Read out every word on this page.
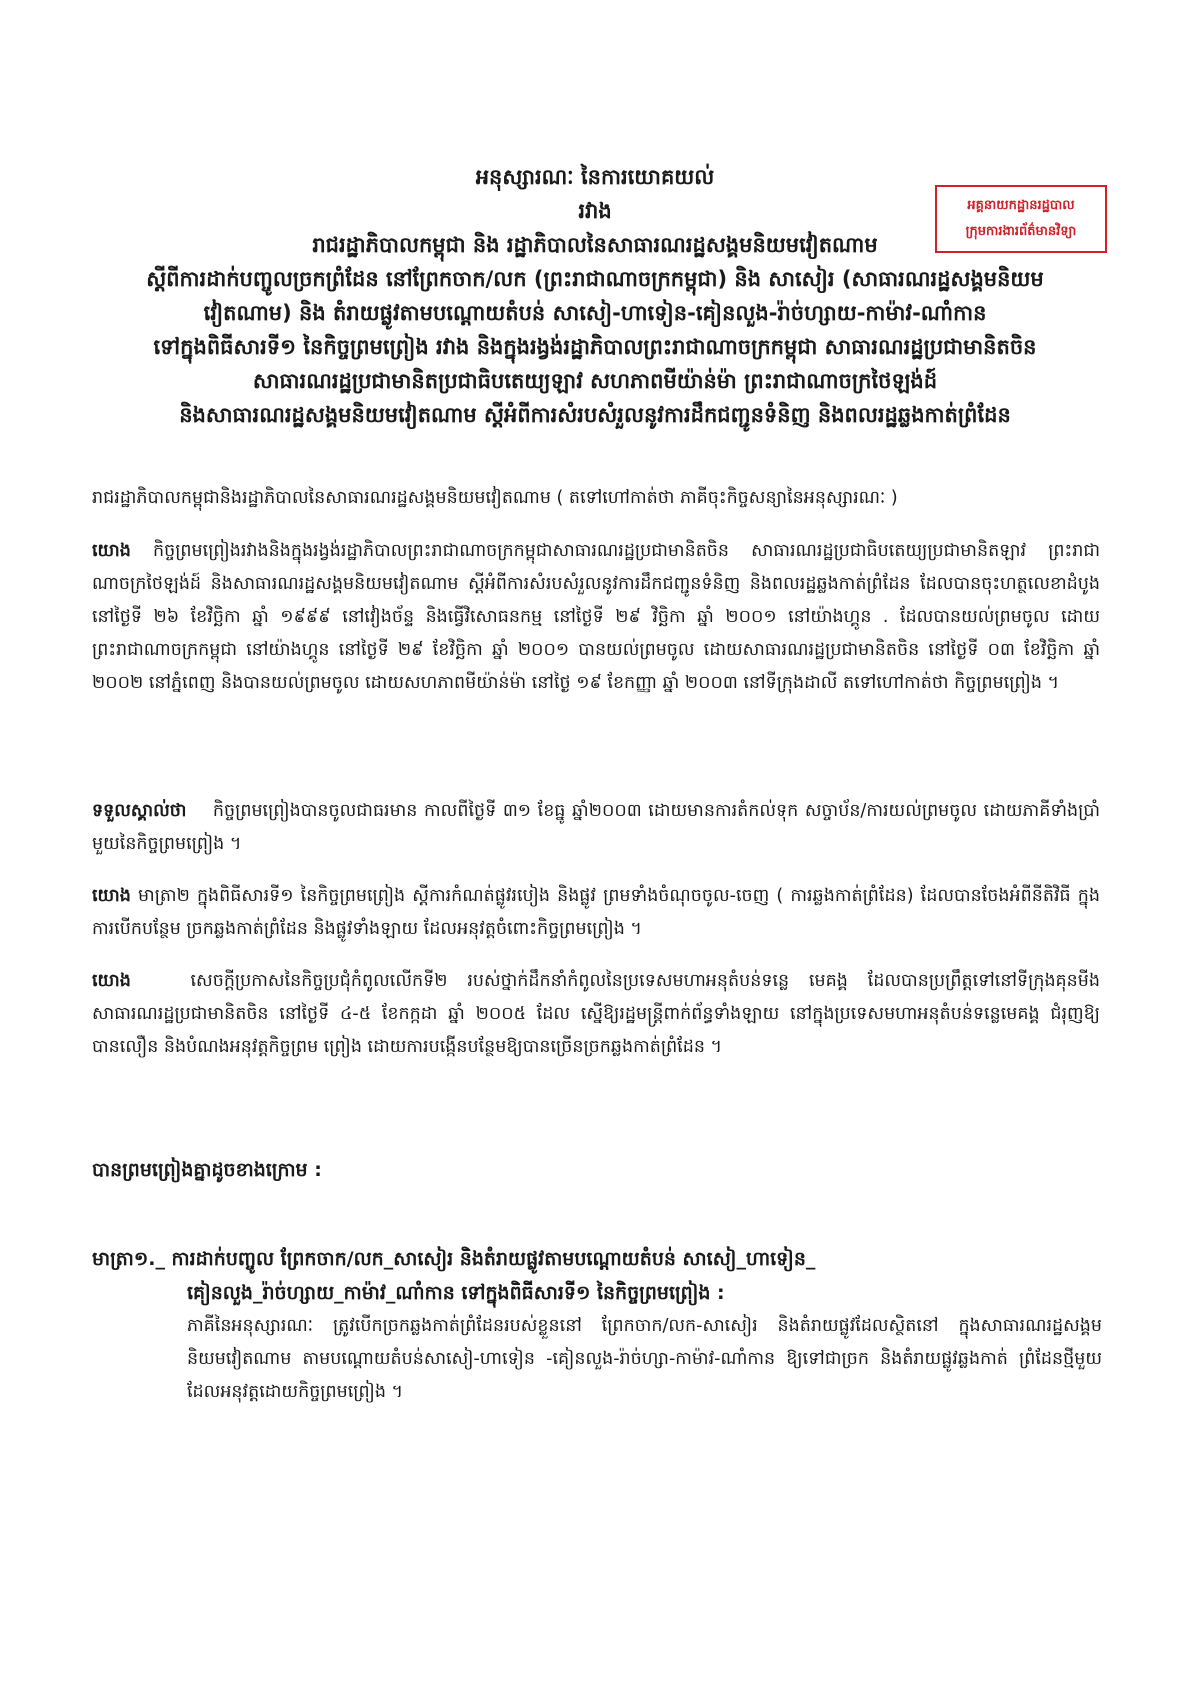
អគ្គនាយកដ្ឋានរដ្ឋបាល
ក្រុមការងារព័ត៌មានវិទ្យា
អនុស្សារណៈ នៃការយោគយល់
រវាង
រាជរដ្ឋាភិបាលកម្ពុជា និង រដ្ឋាភិបាលនៃសាធារណរដ្ឋសង្គមនិយមវៀតណាម
ស្តីពីការដាក់បញ្ចូលច្រកព្រំដែន នៅព្រែកចាក/លក (ព្រះរាជាណាចក្រកម្ពុជា) និង សាសៀរ (សាធារណរដ្ឋសង្គមនិយម
វៀតណាម) និង តំរាយផ្លូវតាមបណ្តោយតំបន់ សាសៀ-ហាទៀន-គៀនលួង-រ៉ាច់ហ្សាយ-កាម៉ាវ-ណាំកាន
ទៅក្នុងពិធីសារទី១ នៃកិច្ចព្រមព្រៀង រវាង និងក្នុងរង្វង់រដ្ឋាភិបាលព្រះរាជាណាចក្រកម្ពុជា សាធារណរដ្ឋប្រជាមានិតចិន
សាធារណរដ្ឋប្រជាមានិតប្រជាធិបតេយ្យឡាវ សហភាពមីយ៉ាន់ម៉ា ព្រះរាជាណាចក្រថៃឡង់ដ៍
និងសាធារណរដ្ឋសង្គមនិយមវៀតណាម ស្តីអំពីការសំរបសំរួលនូវការដឹកជញ្ជូនទំនិញ និងពលរដ្ឋឆ្លងកាត់ព្រំដែន
រាជរដ្ឋាភិបាលកម្ពុជានិងរដ្ឋាភិបាលនៃសាធារណរដ្ឋសង្គមនិយមវៀតណាម ( តទៅហៅកាត់ថា ភាគីចុះកិច្ចសន្យានៃអនុស្សារណៈ )
យោង កិច្ចព្រមព្រៀងរវាងនិងក្នុងរង្វង់រដ្ឋាភិបាលព្រះរាជាណាចក្រកម្ពុជាសាធារណរដ្ឋប្រជាមានិតចិន សាធារណរដ្ឋប្រជាធិបតេយ្យប្រជាមានិតឡាវ ព្រះរាជាណាចក្រថៃឡង់ដ៍ និងសាធារណរដ្ឋសង្គមនិយមវៀតណាម ស្តីអំពីការសំរបសំរួលនូវការដឹកជញ្ជូនទំនិញ និងពលរដ្ឋឆ្លងកាត់ព្រំដែន ដែលបានចុះហត្ថលេខាដំបូង នៅថ្ងៃទី ២៦ ខែវិច្ឆិកា ឆ្នាំ ១៩៩៩ នៅវៀងច័ន្ទ និងធ្វើវិសោធនកម្ម នៅថ្ងៃទី ២៩ វិច្ឆិកា ឆ្នាំ ២០០១ នៅយ៉ាងហ្គូន . ដែលបានយល់ព្រមចូល ដោយព្រះរាជាណាចក្រកម្ពុជា នៅយ៉ាងហ្គូន នៅថ្ងៃទី ២៩ ខែវិច្ឆិកា ឆ្នាំ ២០០១ បានយល់ព្រមចូល ដោយសាធារណរដ្ឋប្រជាមានិតចិន នៅថ្ងៃទី ០៣ ខែវិច្ឆិកា ឆ្នាំ ២០០២ នៅភ្នំពេញ និងបានយល់ព្រមចូល ដោយសហភាពមីយ៉ាន់ម៉ា នៅថ្ងៃ ១៩ ខែកញ្ញា ឆ្នាំ ២០០៣ នៅទីក្រុងដាលី តទៅហៅកាត់ថា កិច្ចព្រមព្រៀង ។
ទទួលស្គាល់ថា កិច្ចព្រមព្រៀងបានចូលជាធរមាន កាលពីថ្ងៃទី ៣១ ខែធ្នូ ឆ្នាំ២០០៣ ដោយមានការតំកល់ទុក សច្ចាប័ន/ការយល់ព្រមចូល ដោយភាគីទាំងប្រាំមួយនៃកិច្ចព្រមព្រៀង ។
យោង មាត្រា២ ក្នុងពិធីសារទី១ នៃកិច្ចព្រមព្រៀង ស្តីការកំណត់ផ្លូវរបៀង និងផ្លូវ ព្រមទាំងចំណុចចូល-ចេញ ( ការឆ្លងកាត់ព្រំដែន) ដែលបានចែងអំពីនីតិវិធី ក្នុងការបើកបន្ថែម ច្រកឆ្លងកាត់ព្រំដែន និងផ្លូវទាំងឡាយ ដែលអនុវត្តចំពោះកិច្ចព្រមព្រៀង ។
យោង	សេចក្តីប្រកាសនៃកិច្ចប្រជុំកំពូលលើកទី២ របស់ថ្នាក់ដឹកនាំកំពូលនៃប្រទេសមហាអនុតំបន់ទន្លេ មេគង្គ ដែលបានប្រព្រឹត្តទៅនៅទីក្រុងគុនមីង សាធារណរដ្ឋប្រជាមានិតចិន នៅថ្ងៃទី ៤-៥ ខែកក្កដា ឆ្នាំ ២០០៥ ដែល ស្នើឱ្យរដ្ឋមន្ត្រីពាក់ព័ន្ធទាំងឡាយ នៅក្នុងប្រទេសមហាអនុតំបន់ទន្លេមេគង្គ ជំរុញឱ្យបានលឿន និងបំណងអនុវត្តកិច្ចព្រម ព្រៀង ដោយការបង្កើនបន្ថែមឱ្យបានច្រើនច្រកឆ្លងកាត់ព្រំដែន ។
បានព្រមព្រៀងគ្នាដូចខាងក្រោម :
មាត្រា១._ ការដាក់បញ្ចូល ព្រែកចាក/លក_សាសៀរ និងតំរាយផ្លូវតាមបណ្តោយតំបន់ សាសៀ_ហាទៀន_
គៀនលួង_រ៉ាច់ហ្សាយ_កាម៉ាវ_ណាំកាន ទៅក្នុងពិធីសារទី១ នៃកិច្ចព្រមព្រៀង :
ភាគីនៃអនុស្សារណៈ ត្រូវបើកច្រកឆ្លងកាត់ព្រំដែនរបស់ខ្លួននៅ ព្រែកចាក/លក-សាសៀរ និងតំរាយផ្លូវដែលស្ថិតនៅ ក្នុងសាធារណរដ្ឋសង្គមនិយមវៀតណាម តាមបណ្តោយតំបន់សាសៀ-ហាទៀន -គៀនលួង-រ៉ាច់ហ្សា-កាម៉ាវ-ណាំកាន ឱ្យទៅជាច្រក និងតំរាយផ្លូវឆ្លងកាត់ ព្រំដែនថ្មីមួយ ដែលអនុវត្តដោយកិច្ចព្រមព្រៀង ។
